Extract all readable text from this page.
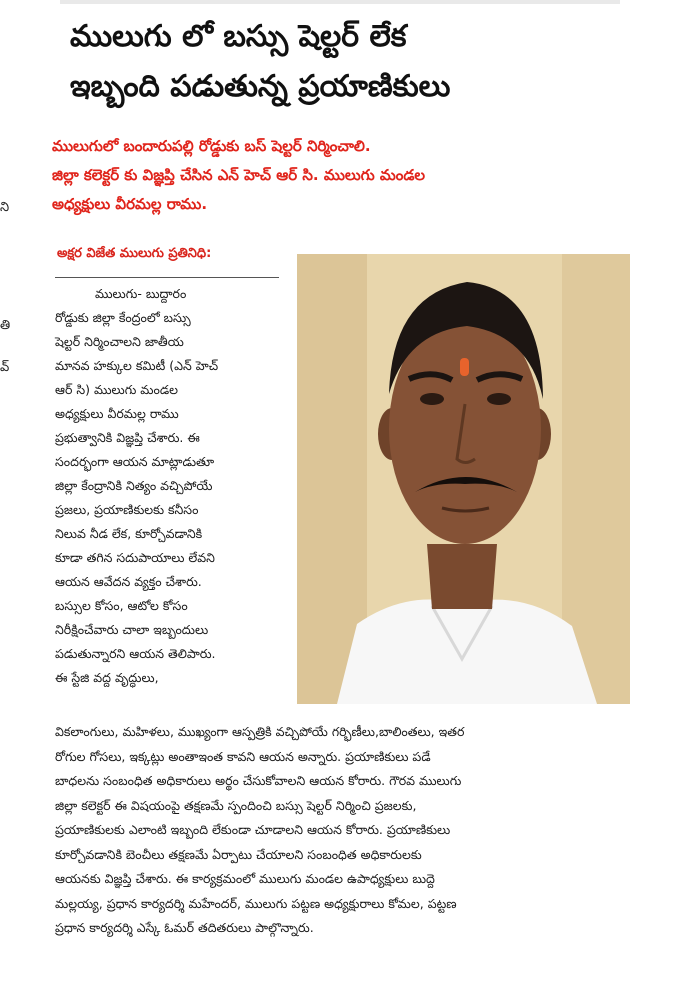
ని
తి
వ్
ములుగు లో బస్సు షెల్టర్ లేక
ఇబ్బంది పడుతున్న ప్రయాణికులు
ములుగులో బందారుపల్లి రోడ్డుకు బస్ షెల్టర్ నిర్మించాలి.
జిల్లా కలెక్టర్ కు విజ్ఞప్తి చేసిన ఎన్ హెచ్ ఆర్ సి. ములుగు మండల
అధ్యక్షులు వీరమల్ల రాము.
అక్షర విజేత ములుగు ప్రతినిధి:
ములుగు- బుద్దారం
రోడ్డుకు జిల్లా కేంద్రంలో బస్సు
షెల్టర్ నిర్మించాలని జాతీయ
మానవ హక్కుల కమిటీ (ఎన్ హెచ్
ఆర్ సి) ములుగు మండల
అధ్యక్షులు వీరమల్ల రాము
ప్రభుత్వానికి విజ్ఞప్తి చేశారు. ఈ
సందర్భంగా ఆయన మాట్లాడుతూ
జిల్లా కేంద్రానికి నిత్యం వచ్చిపోయే
ప్రజలు, ప్రయాణికులకు కనీసం
నిలువ నీడ లేక, కూర్చోవడానికి
కూడా తగిన సదుపాయాలు లేవని
ఆయన ఆవేదన వ్యక్తం చేశారు.
బస్సుల కోసం, ఆటోల కోసం
నిరీక్షించేవారు చాలా ఇబ్బందులు
పడుతున్నారని ఆయన తెలిపారు.
ఈ స్టేజి వద్ద వృద్ధులు,
వికలాంగులు, మహిళలు, ముఖ్యంగా ఆస్పత్రికి వచ్చిపోయే గర్భిణీలు,బాలింతలు, ఇతర
రోగుల గోసలు, ఇక్కట్లు అంతాఇంత కావని ఆయన అన్నారు. ప్రయాణికులు పడే
బాధలను సంబంధిత అధికారులు అర్థం చేసుకోవాలని ఆయన కోరారు. గౌరవ ములుగు
జిల్లా కలెక్టర్ ఈ విషయంపై తక్షణమే స్పందించి బస్సు షెల్టర్ నిర్మించి ప్రజలకు,
ప్రయాణికులకు ఎలాంటి ఇబ్బంది లేకుండా చూడాలని ఆయన కోరారు. ప్రయాణికులు
కూర్చోవడానికి బెంచీలు తక్షణమే ఏర్పాటు చేయాలని సంబంధిత అధికారులకు
ఆయనకు విజ్ఞప్తి చేశారు. ఈ కార్యక్రమంలో ములుగు మండల ఉపాధ్యక్షులు బుద్దె
మల్లయ్య, ప్రధాన కార్యదర్శి మహేందర్, ములుగు పట్టణ అధ్యక్షురాలు కోమల, పట్టణ
ప్రధాన కార్యదర్శి ఎస్కే ఓమర్ తదితరులు పాల్గొన్నారు.
